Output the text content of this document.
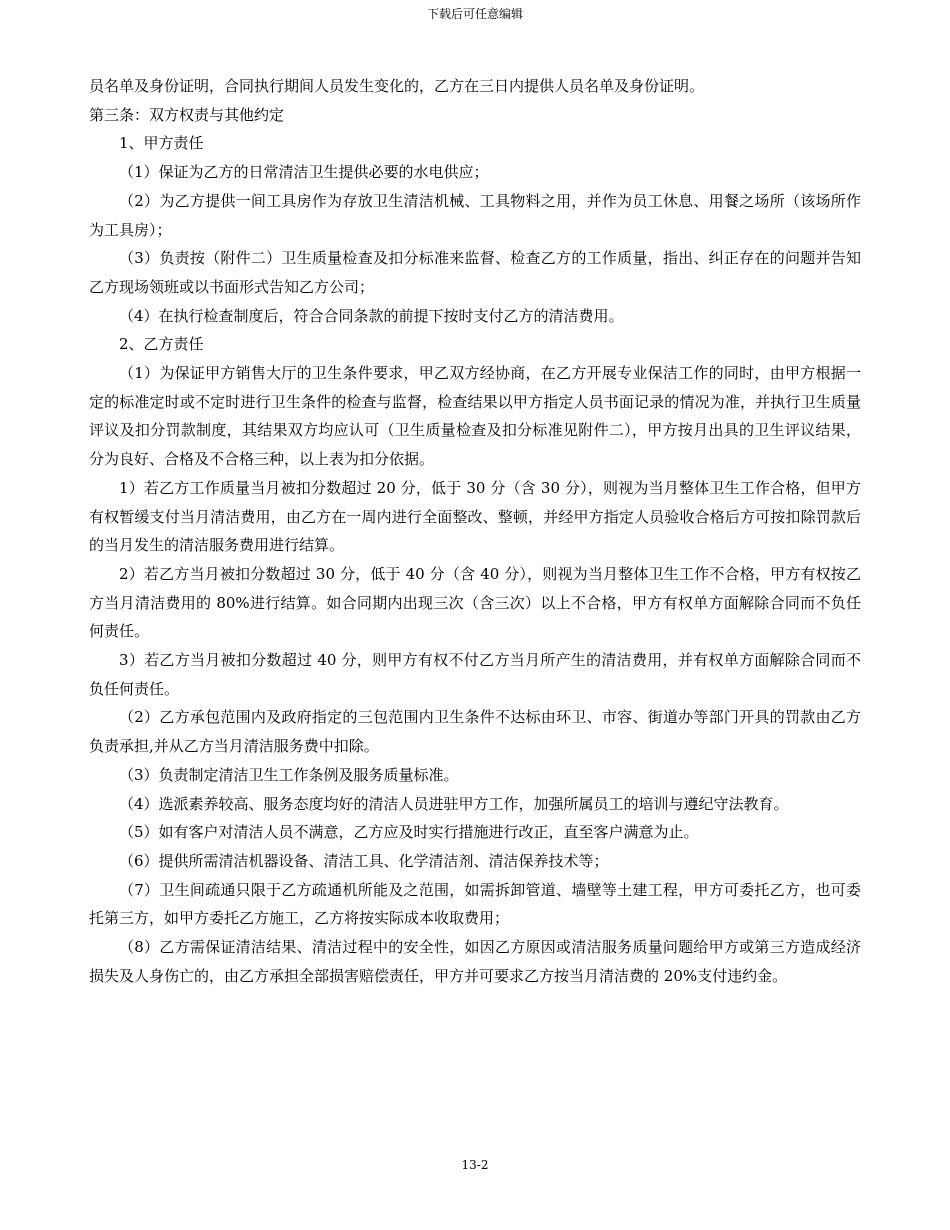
下载后可任意编辑

员名单及身份证明，合同执行期间人员发生变化的，乙方在三日内提供人员名单及身份证明。

第三条：双方权责与其他约定

1、甲方责任

（1）保证为乙方的日常清洁卫生提供必要的水电供应；

（2）为乙方提供一间工具房作为存放卫生清洁机械、工具物料之用，并作为员工休息、用餐之场所（该场所作为工具房）；

（3）负责按（附件二）卫生质量检查及扣分标准来监督、检查乙方的工作质量，指出、纠正存在的问题并告知乙方现场领班或以书面形式告知乙方公司；

（4）在执行检查制度后，符合合同条款的前提下按时支付乙方的清洁费用。

2、乙方责任

（1）为保证甲方销售大厅的卫生条件要求，甲乙双方经协商，在乙方开展专业保洁工作的同时，由甲方根据一定的标准定时或不定时进行卫生条件的检查与监督，检查结果以甲方指定人员书面记录的情况为准，并执行卫生质量评议及扣分罚款制度，其结果双方均应认可（卫生质量检查及扣分标准见附件二），甲方按月出具的卫生评议结果，分为良好、合格及不合格三种，以上表为扣分依据。

1）若乙方工作质量当月被扣分数超过 20 分，低于 30 分（含 30 分），则视为当月整体卫生工作合格，但甲方有权暂缓支付当月清洁费用，由乙方在一周内进行全面整改、整顿，并经甲方指定人员验收合格后方可按扣除罚款后的当月发生的清洁服务费用进行结算。

2）若乙方当月被扣分数超过 30 分，低于 40 分（含 40 分），则视为当月整体卫生工作不合格，甲方有权按乙方当月清洁费用的 80%进行结算。如合同期内出现三次（含三次）以上不合格，甲方有权单方面解除合同而不负任何责任。

3）若乙方当月被扣分数超过 40 分，则甲方有权不付乙方当月所产生的清洁费用，并有权单方面解除合同而不负任何责任。

（2）乙方承包范围内及政府指定的三包范围内卫生条件不达标由环卫、市容、街道办等部门开具的罚款由乙方负责承担,并从乙方当月清洁服务费中扣除。

（3）负责制定清洁卫生工作条例及服务质量标准。

（4）选派素养较高、服务态度均好的清洁人员进驻甲方工作，加强所属员工的培训与遵纪守法教育。

（5）如有客户对清洁人员不满意，乙方应及时实行措施进行改正，直至客户满意为止。

（6）提供所需清洁机器设备、清洁工具、化学清洁剂、清洁保养技术等；

（7）卫生间疏通只限于乙方疏通机所能及之范围，如需拆卸管道、墙壁等土建工程，甲方可委托乙方，也可委托第三方，如甲方委托乙方施工，乙方将按实际成本收取费用；

（8）乙方需保证清洁结果、清洁过程中的安全性，如因乙方原因或清洁服务质量问题给甲方或第三方造成经济损失及人身伤亡的，由乙方承担全部损害赔偿责任，甲方并可要求乙方按当月清洁费的 20%支付违约金。

13-2
